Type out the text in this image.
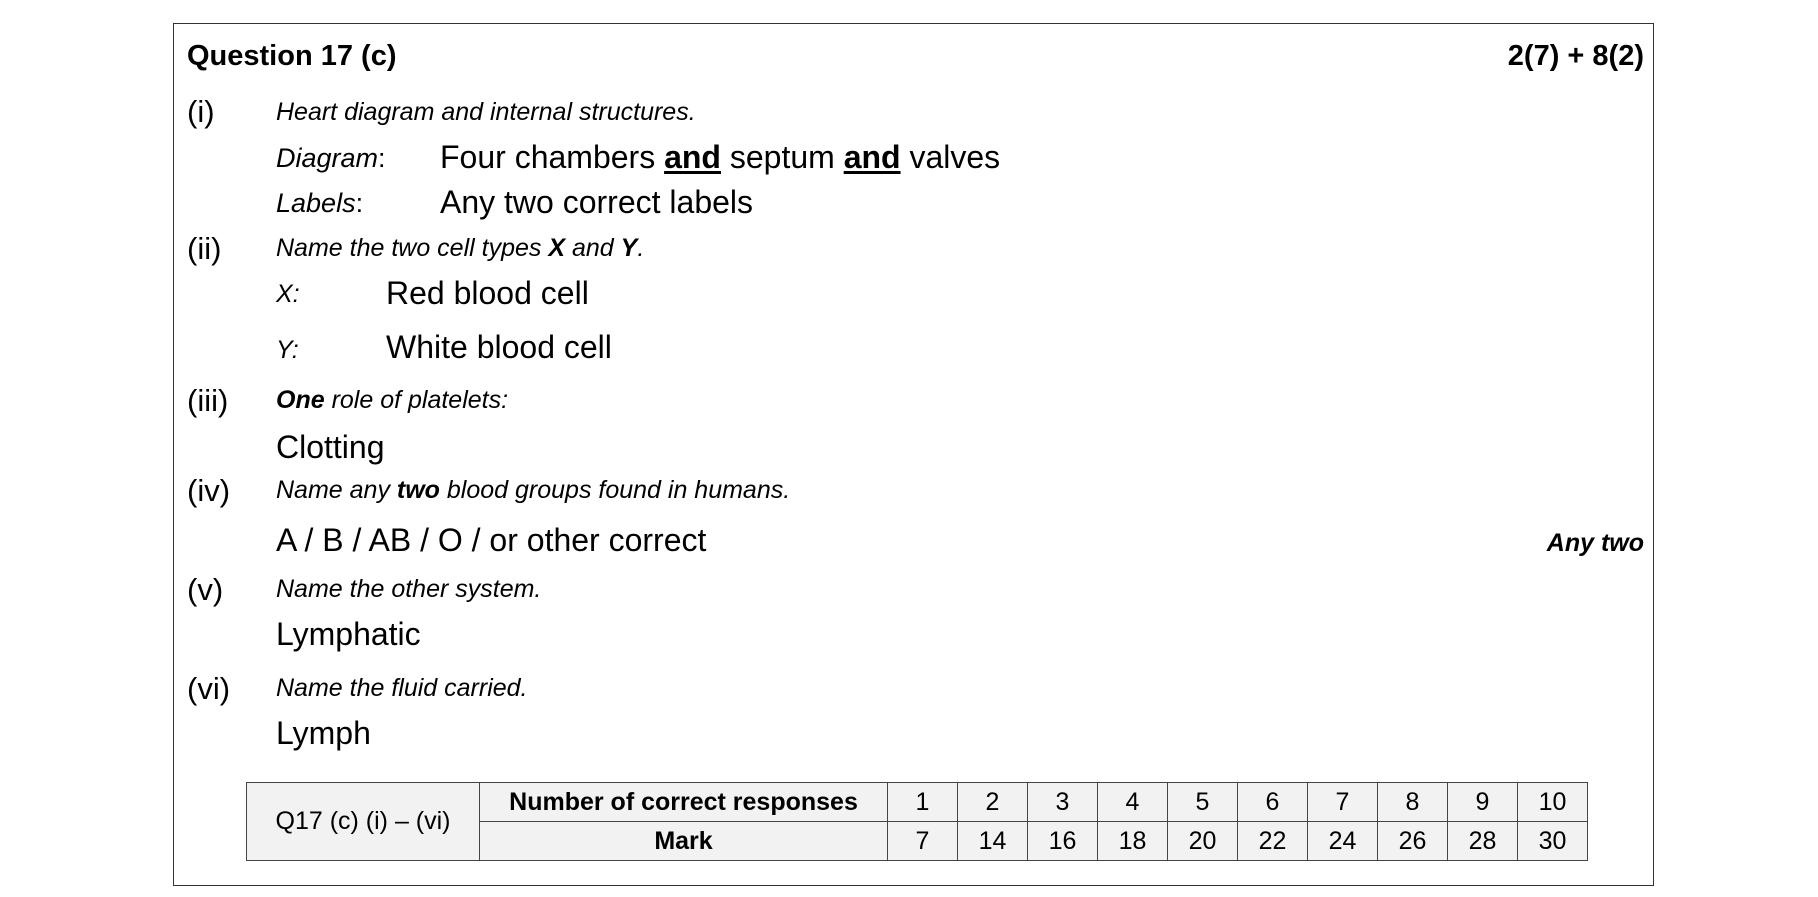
Question 17 (c)	2(7) + 8(2)
(i) Heart diagram and internal structures.
Diagram: Four chambers and septum and valves
Labels: Any two correct labels
(ii) Name the two cell types X and Y.
X:	Red blood cell
Y:	White blood cell
(iii) One role of platelets:
Clotting
(iv) Name any two blood groups found in humans.
A / B / AB / O / or other correct	Any two
(v) Name the other system.
Lymphatic
(vi) Name the fluid carried.
Lymph
Q17 (c) (i) – (vi)	Number of correct responses	1	2	3	4	5	6	7	8	9	10
	Mark	7	14	16	18	20	22	24	26	28	30
